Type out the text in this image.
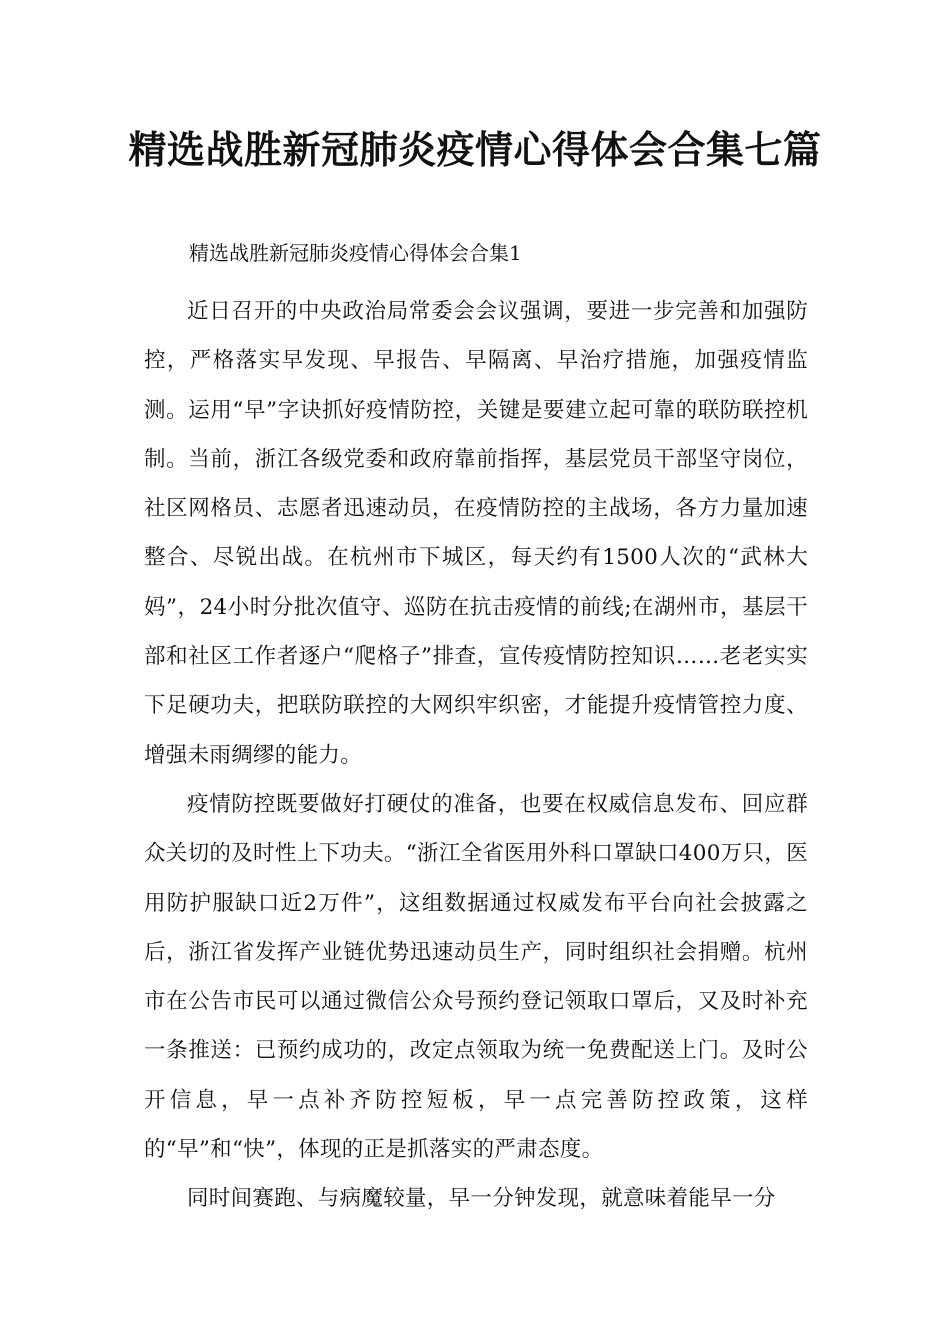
精选战胜新冠肺炎疫情心得体会合集七篇

精选战胜新冠肺炎疫情心得体会合集1

近日召开的中央政治局常委会会议强调，要进一步完善和加强防控，严格落实早发现、早报告、早隔离、早治疗措施，加强疫情监测。运用“早”字诀抓好疫情防控，关键是要建立起可靠的联防联控机制。当前，浙江各级党委和政府靠前指挥，基层党员干部坚守岗位，社区网格员、志愿者迅速动员，在疫情防控的主战场，各方力量加速整合、尽锐出战。在杭州市下城区，每天约有1500人次的“武林大妈”，24小时分批次值守、巡防在抗击疫情的前线;在湖州市，基层干部和社区工作者逐户“爬格子”排查，宣传疫情防控知识……老老实实下足硬功夫，把联防联控的大网织牢织密，才能提升疫情管控力度、增强未雨绸缪的能力。

疫情防控既要做好打硬仗的准备，也要在权威信息发布、回应群众关切的及时性上下功夫。“浙江全省医用外科口罩缺口400万只，医用防护服缺口近2万件”，这组数据通过权威发布平台向社会披露之后，浙江省发挥产业链优势迅速动员生产，同时组织社会捐赠。杭州市在公告市民可以通过微信公众号预约登记领取口罩后，又及时补充一条推送：已预约成功的，改定点领取为统一免费配送上门。及时公开信息，早一点补齐防控短板，早一点完善防控政策，这样的“早”和“快”，体现的正是抓落实的严肃态度。

同时间赛跑、与病魔较量，早一分钟发现，就意味着能早一分
